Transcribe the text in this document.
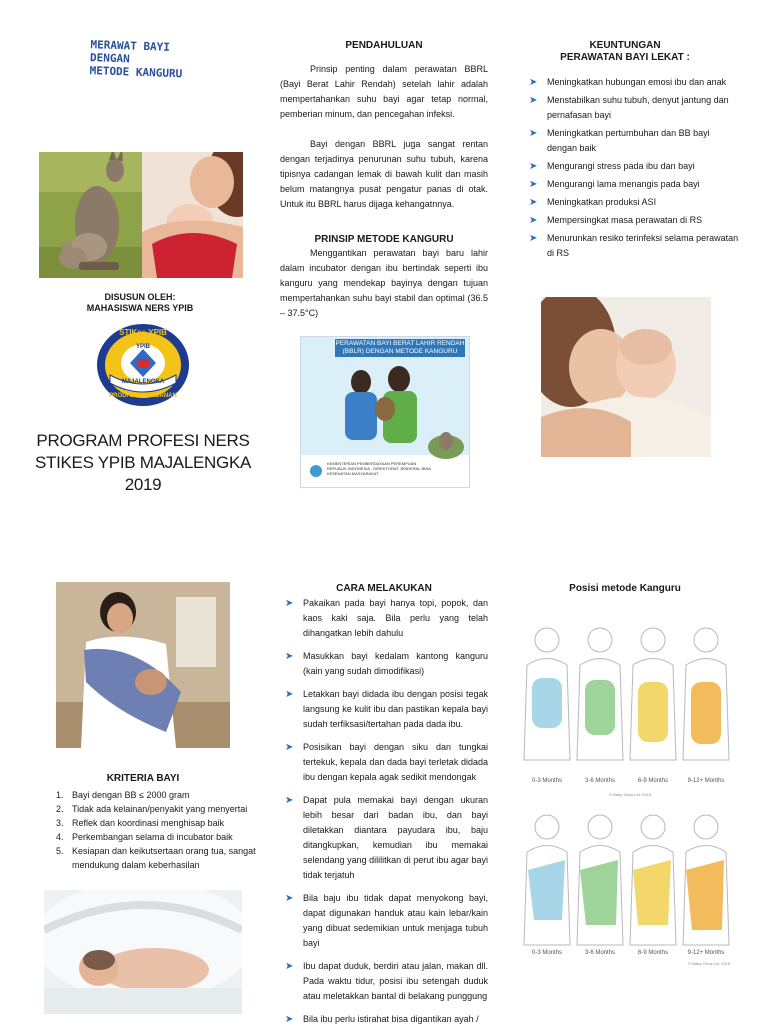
MERAWAT BAYI
DENGAN
METODE KANGURU
DISUSUN OLEH:
MAHASISWA NERS YPIB
STIKes YPIB
YPIB
MAJALENGKA
PRODI DIII KEBIDANAN
PROGRAM PROFESI NERS
STIKES YPIB MAJALENGKA
2019
PENDAHULUAN

Prinsip penting dalam perawatan BBRL (Bayi Berat Lahir Rendah) setelah lahir adalah mempertahankan suhu bayi agar tetap normal, pemberian minum, dan pencegahan infeksi.

Bayi dengan BBRL juga sangat rentan dengan terjadinya penurunan suhu tubuh, karena tipisnya cadangan lemak di bawah kulit dan masih belum matangnya pusat pengatur panas di otak. Untuk itu BBRL harus dijaga kehangatnnya.

PRINSIP METODE KANGURU

Menggantikan perawatan bayi baru lahir dalam incubator dengan ibu bertindak seperti ibu kanguru yang mendekap bayinya dengan tujuan mempertahankan suhu bayi stabil dan optimal (36.5 – 37.5°C)

PERAWATAN BAYI BERAT LAHIR RENDAH (BBLR) DENGAN METODE KANGURU
KEMENTERIAN PEMBERDAYAAN PEREMPUAN REPUBLIK INDONESIA - DIREKTORAT JENDERAL BINA KESEHATAN MASYARAKAT
KEUNTUNGAN
PERAWATAN BAYI LEKAT :
➤ Meningkatkan hubungan emosi ibu dan anak
➤ Menstabilkan suhu tubuh, denyut jantung dan pernafasan bayi
➤ Meningkatkan pertumbuhan dan BB bayi dengan baik
➤ Mengurangi stress pada ibu dan bayi
➤ Mengurangi lama menangis pada bayi
➤ Meningkatkan produksi ASI
➤ Mempersingkat masa perawatan di RS
➤ Menurunkan resiko terinfeksi selama perawatan di RS
KRITERIA BAYI
1. Bayi dengan BB ≤ 2000 gram
2. Tidak ada kelainan/penyakit yang menyertai
3. Reflek dan koordinasi menghisap baik
4. Perkembangan selama di incubator baik
5. Kesiapan dan keikutsertaan orang tua, sangat mendukung dalam keberhasilan
CARA MELAKUKAN
➤ Pakaikan pada bayi hanya topi, popok, dan kaos kaki saja. Bila perlu yang telah dihangatkan lebih dahulu
➤ Masukkan bayi kedalam kantong kanguru (kain yang sudah dimodifikasi)
➤ Letakkan bayi didada ibu dengan posisi tegak langsung ke kulit ibu dan pastikan kepala bayi sudah terfiksasi/tertahan pada dada ibu.
➤ Posisikan bayi dengan siku dan tungkai tertekuk, kepala dan dada bayi terletak didada ibu dengan kepala agak sedikit mendongak
➤ Dapat pula memakai bayi dengan ukuran lebih besar dari badan ibu, dan bayi diletakkan diantara payudara ibu, baju ditangkupkan, kemudian ibu memakai selendang yang dililitkan di perut ibu agar bayi tidak terjatuh
➤ Bila baju ibu tidak dapat menyokong bayi, dapat digunakan handuk atau kain lebar/kain yang dibuat sedemikian untuk menjaga tubuh bayi
➤ Ibu dapat duduk, berdiri atau jalan, makan dll. Pada waktu tidur, posisi ibu setengah duduk atau meletakkan bantal di belakang punggung
➤ Bila ibu perlu istirahat bisa digantikan ayah /
Posisi metode Kanguru
0-3 Months	3-6 Months	6-9 Months	9-12+ Months
© Baby-Grow Ltd. 2015
0-3 Months	3-6 Months	6-9 Months	9-12+ Months
© Baby-Grow Ltd. 2015
